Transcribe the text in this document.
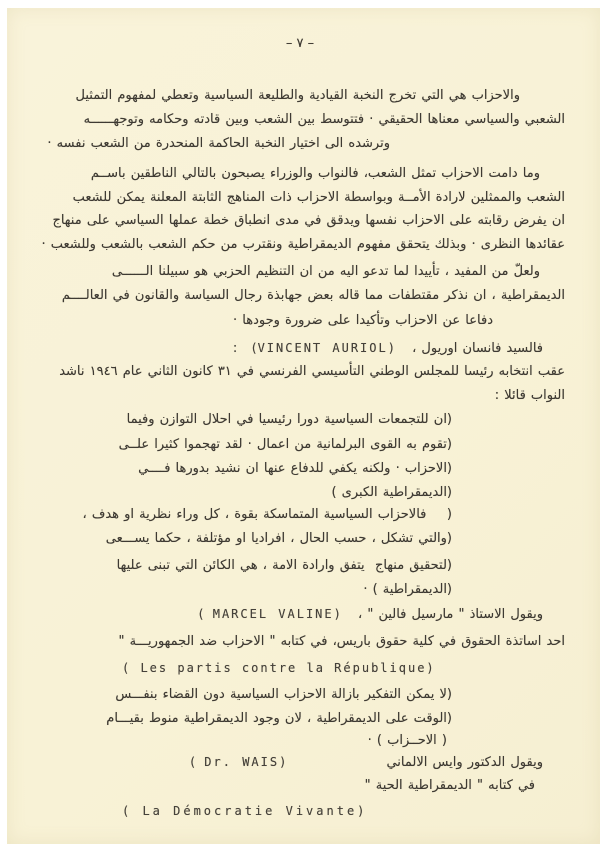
– ٧ –
والاحزاب هي التي تخرج النخبة القيادية والطليعة السياسية وتعطي لمفهوم التمثيل
الشعبي والسياسي معناها الحقيقي · فتتوسط بين الشعب وبين قادته وحكامه وتوجهــــــه
وترشده الى اختيار النخبة الحاكمة المنحدرة من الشعب نفسه ·
وما دامت الاحزاب تمثل الشعب، فالنواب والوزراء يصبحون بالتالي الناطقين باســم
الشعب والممثلين لارادة الأمــة وبواسطة الاحزاب ذات المناهج الثابتة المعلنة يمكن للشعب
ان يفرض رقابته على الاحزاب نفسها ويدقق في مدى انطباق خطة عملها السياسي على منهاج
عقائدها النظرى · وبذلك يتحقق مفهوم الديمقراطية ونقترب من حكم الشعب بالشعب وللشعب ·
ولعلّ من المفيد ، تأييدا لما تدعو اليه من ان التنظيم الحزبي هو سبيلنا الــــــى
الديمقراطية ، ان نذكر مقتطفات مما قاله بعض جهابذة رجال السياسة والقانون في العالــــم
دفاعا عن الاحزاب وتأكيدا على ضرورة وجودها ·
فالسيد فانسان اوريول ، (VINCENT AURIOL) :
عقب انتخابه رئيسا للمجلس الوطني التأسيسي الفرنسي في ٣١ كانون الثاني عام ١٩٤٦ ناشد
النواب قائلا :
(ان للتجمعات السياسية دورا رئيسيا في احلال التوازن وفيما
(تقوم به القوى البرلمانية من اعمال · لقد تهجموا كثيرا علــى
(الاحزاب · ولكنه يكفي للدفاع عنها ان نشيد بدورها فــــي
(الديمقراطية الكبرى )
(    فالاحزاب السياسية المتماسكة بقوة ، كل وراء نظرية او هدف ،
(والتي تشكل ، حسب الحال ، افراديا او مؤتلفة ، حكما يســـعى
(لتحقيق منهاج  يتفق وارادة الامة ، هي الكائن التي تبنى عليها
(الديمقراطية ) ·
ويقول الاستاذ " مارسيل فالين " ، ( MARCEL VALINE)
احد اساتذة الحقوق في كلية حقوق باريس، في كتابه " الاحزاب ضد الجمهوريـــة "
( Les partis contre la République)
(لا يمكن التفكير بازالة الاحزاب السياسية دون القضاء بنفـــس
(الوقت على الديمقراطية ، لان وجود الديمقراطية منوط بقيـــام
( الاحــزاب ) ·
ويقول الدكتور وايس الالماني ( Dr. WAIS)
في كتابه " الديمقراطية الحية "
( La Démocratie Vivante)
